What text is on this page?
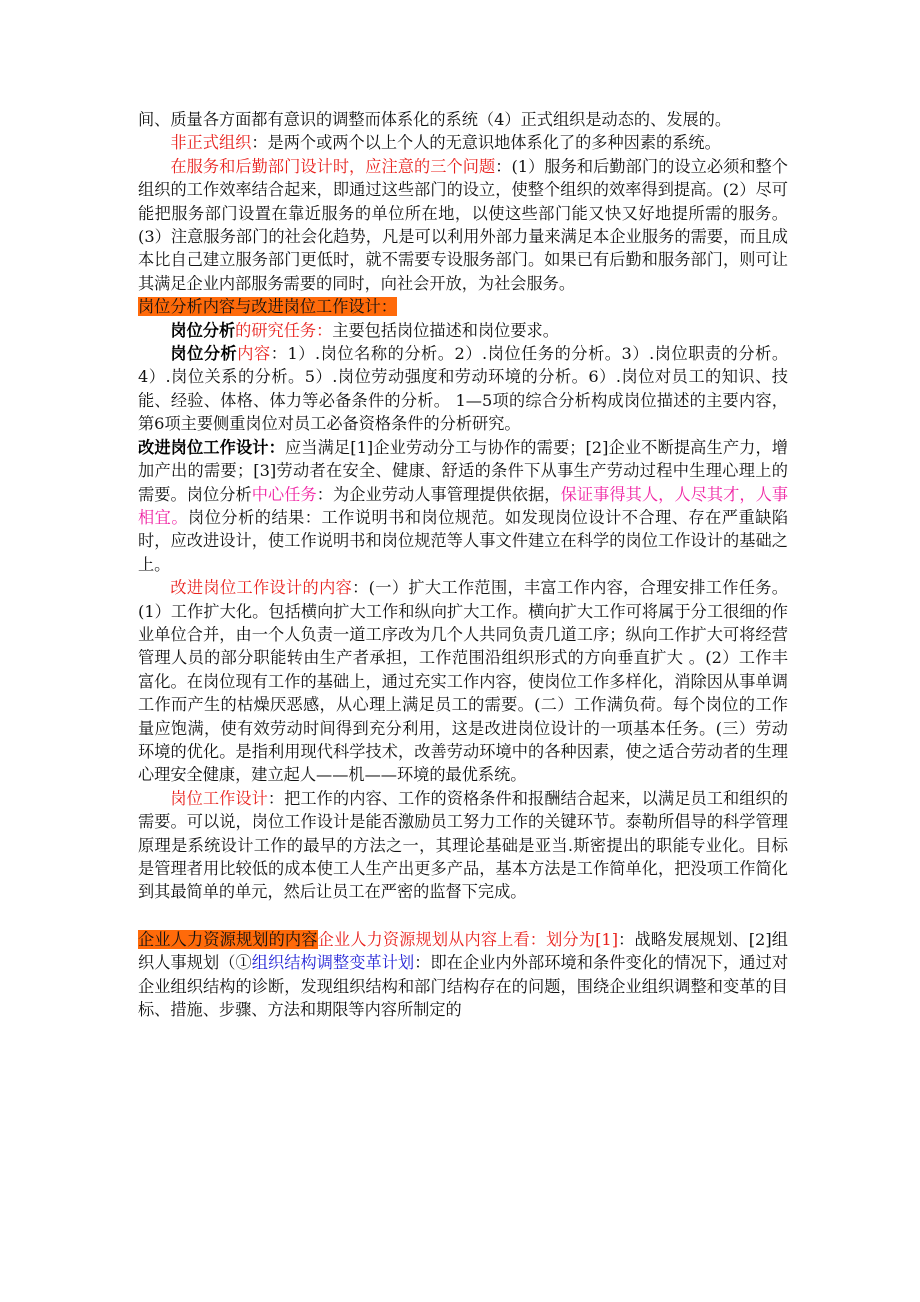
间、质量各方面都有意识的调整而体系化的系统（4）正式组织是动态的、发展的。

非正式组织：是两个或两个以上个人的无意识地体系化了的多种因素的系统。

在服务和后勤部门设计时，应注意的三个问题：(1）服务和后勤部门的设立必须和整个组织的工作效率结合起来，即通过这些部门的设立，使整个组织的效率得到提高。(2）尽可能把服务部门设置在靠近服务的单位所在地，以使这些部门能又快又好地提所需的服务。(3）注意服务部门的社会化趋势，凡是可以利用外部力量来满足本企业服务的需要，而且成本比自己建立服务部门更低时，就不需要专设服务部门。如果已有后勤和服务部门，则可让其满足企业内部服务需要的同时，向社会开放，为社会服务。

岗位分析内容与改进岗位工作设计：

岗位分析的研究任务：主要包括岗位描述和岗位要求。

岗位分析内容：1）.岗位名称的分析。2）.岗位任务的分析。3）.岗位职责的分析。4）.岗位关系的分析。5）.岗位劳动强度和劳动环境的分析。6）.岗位对员工的知识、技能、经验、体格、体力等必备条件的分析。 1—5项的综合分析构成岗位描述的主要内容，第6项主要侧重岗位对员工必备资格条件的分析研究。

改进岗位工作设计：应当满足[1]企业劳动分工与协作的需要；[2]企业不断提高生产力，增加产出的需要；[3]劳动者在安全、健康、舒适的条件下从事生产劳动过程中生理心理上的需要。岗位分析中心任务：为企业劳动人事管理提供依据，保证事得其人，人尽其才，人事相宜。岗位分析的结果：工作说明书和岗位规范。如发现岗位设计不合理、存在严重缺陷时，应改进设计，使工作说明书和岗位规范等人事文件建立在科学的岗位工作设计的基础之上。

改进岗位工作设计的内容：(一）扩大工作范围，丰富工作内容，合理安排工作任务。(1）工作扩大化。包括横向扩大工作和纵向扩大工作。横向扩大工作可将属于分工很细的作业单位合并，由一个人负责一道工序改为几个人共同负责几道工序；纵向工作扩大可将经营管理人员的部分职能转由生产者承担，工作范围沿组织形式的方向垂直扩大 。(2）工作丰富化。在岗位现有工作的基础上，通过充实工作内容，使岗位工作多样化，消除因从事单调工作而产生的枯燥厌恶感，从心理上满足员工的需要。(二）工作满负荷。每个岗位的工作量应饱满，使有效劳动时间得到充分利用，这是改进岗位设计的一项基本任务。(三）劳动环境的优化。是指利用现代科学技术，改善劳动环境中的各种因素，使之适合劳动者的生理心理安全健康，建立起人——机——环境的最优系统。

岗位工作设计：把工作的内容、工作的资格条件和报酬结合起来，以满足员工和组织的需要。可以说，岗位工作设计是能否激励员工努力工作的关键环节。泰勒所倡导的科学管理原理是系统设计工作的最早的方法之一，其理论基础是亚当.斯密提出的职能专业化。目标是管理者用比较低的成本使工人生产出更多产品，基本方法是工作简单化，把没项工作简化到其最简单的单元，然后让员工在严密的监督下完成。

企业人力资源规划的内容企业人力资源规划从内容上看：划分为[1]：战略发展规划、[2]组织人事规划（①组织结构调整变革计划：即在企业内外部环境和条件变化的情况下，通过对企业组织结构的诊断，发现组织结构和部门结构存在的问题，围绕企业组织调整和变革的目标、措施、步骤、方法和期限等内容所制定的
